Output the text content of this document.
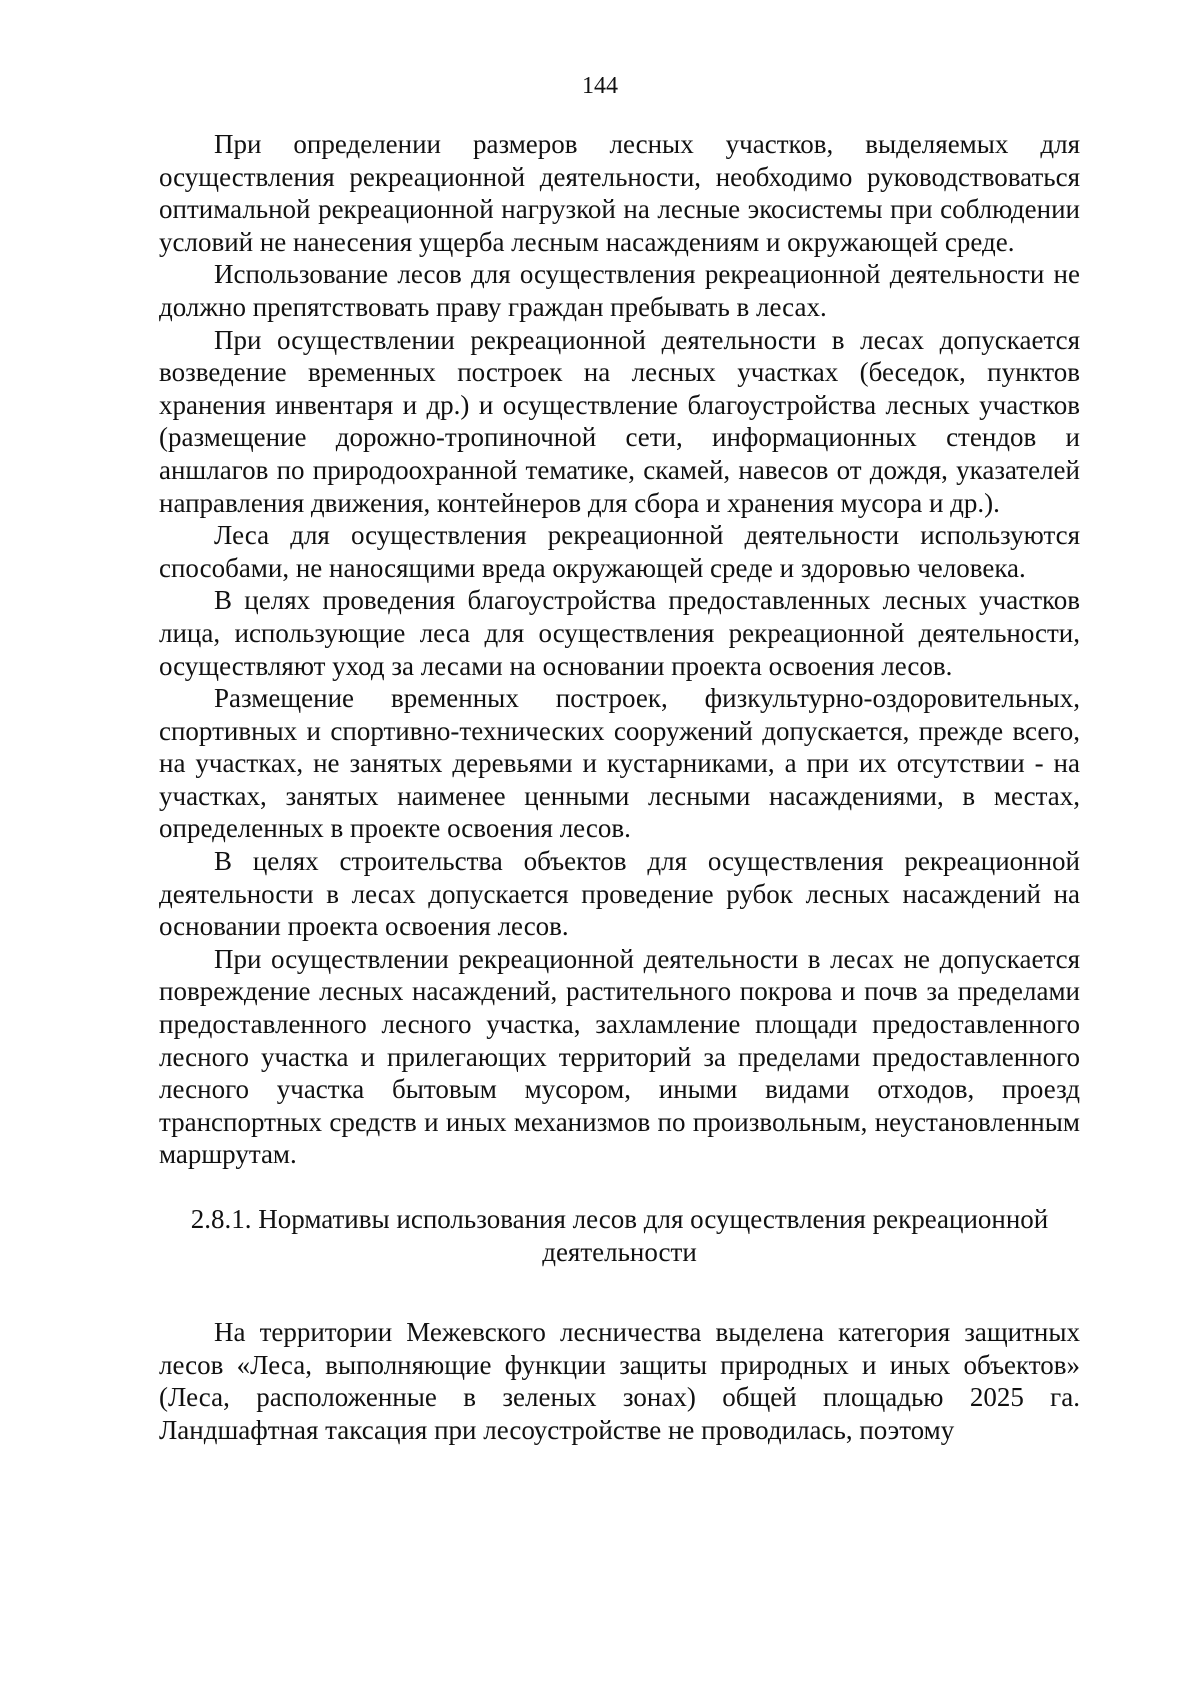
144

При определении размеров лесных участков, выделяемых для осуществления рекреационной деятельности, необходимо руководствоваться оптимальной рекреационной нагрузкой на лесные экосистемы при соблюдении условий не нанесения ущерба лесным насаждениям и окружающей среде.

Использование лесов для осуществления рекреационной деятельности не должно препятствовать праву граждан пребывать в лесах.

При осуществлении рекреационной деятельности в лесах допускается возведение временных построек на лесных участках (беседок, пунктов хранения инвентаря и др.) и осуществление благоустройства лесных участков (размещение дорожно-тропиночной сети, информационных стендов и аншлагов по природоохранной тематике, скамей, навесов от дождя, указателей направления движения, контейнеров для сбора и хранения мусора и др.).

Леса для осуществления рекреационной деятельности используются способами, не наносящими вреда окружающей среде и здоровью человека.

В целях проведения благоустройства предоставленных лесных участков лица, использующие леса для осуществления рекреационной деятельности, осуществляют уход за лесами на основании проекта освоения лесов.

Размещение временных построек, физкультурно-оздоровительных, спортивных и спортивно-технических сооружений допускается, прежде всего, на участках, не занятых деревьями и кустарниками, а при их отсутствии - на участках, занятых наименее ценными лесными насаждениями, в местах, определенных в проекте освоения лесов.

В целях строительства объектов для осуществления рекреационной деятельности в лесах допускается проведение рубок лесных насаждений на основании проекта освоения лесов.

При осуществлении рекреационной деятельности в лесах не допускается повреждение лесных насаждений, растительного покрова и почв за пределами предоставленного лесного участка, захламление площади предоставленного лесного участка и прилегающих территорий за пределами предоставленного лесного участка бытовым мусором, иными видами отходов, проезд транспортных средств и иных механизмов по произвольным, неустановленным маршрутам.

2.8.1. Нормативы использования лесов для осуществления рекреационной деятельности

На территории Межевского лесничества выделена категория защитных лесов «Леса, выполняющие функции защиты природных и иных объектов» (Леса, расположенные в зеленых зонах) общей площадью 2025 га. Ландшафтная таксация при лесоустройстве не проводилась, поэтому
